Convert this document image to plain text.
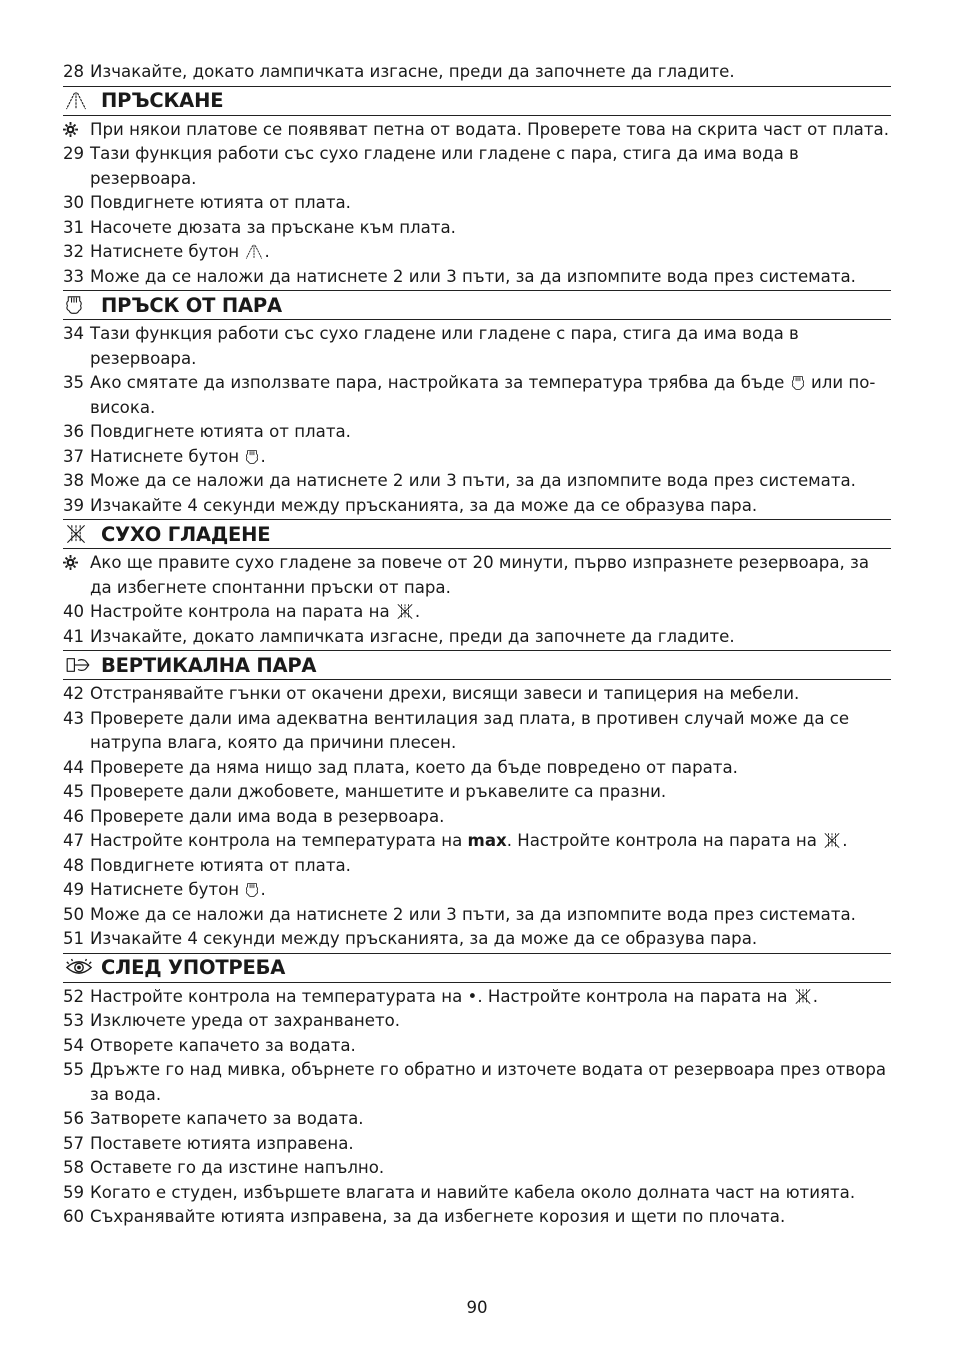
28 Изчакайте, докато лампичката изгасне, преди да започнете да гладите.
ПРЪСКАНЕ
При някои платове се появяват петна от водата. Проверете това на скрита част от плата.
29 Тази функция работи със сухо гладене или гладене с пара, стига да има вода в резервоара.
30 Повдигнете ютията от плата.
31 Насочете дюзата за пръскане към плата.
32 Натиснете бутон .
33 Може да се наложи да натиснете 2 или 3 пъти, за да изпомпите вода през системата.
ПРЪСК ОТ ПАРА
34 Тази функция работи със сухо гладене или гладене с пара, стига да има вода в резервоара.
35 Ако смятате да използвате пара, настройката за температура трябва да бъде или по-висока.
36 Повдигнете ютията от плата.
37 Натиснете бутон .
38 Може да се наложи да натиснете 2 или 3 пъти, за да изпомпите вода през системата.
39 Изчакайте 4 секунди между пръсканията, за да може да се образува пара.
СУХО ГЛАДЕНЕ
Ако ще правите сухо гладене за повече от 20 минути, първо изпразнете резервоара, за да избегнете спонтанни пръски от пара.
40 Настройте контрола на парата на .
41 Изчакайте, докато лампичката изгасне, преди да започнете да гладите.
ВЕРТИКАЛНА ПАРА
42 Отстранявайте гънки от окачени дрехи, висящи завеси и тапицерия на мебели.
43 Проверете дали има адекватна вентилация зад плата, в противен случай може да се натрупа влага, която да причини плесен.
44 Проверете да няма нищо зад плата, което да бъде повредено от парата.
45 Проверете дали джобовете, маншетите и ръкавелите са празни.
46 Проверете дали има вода в резервоара.
47 Настройте контрола на температурата на max. Настройте контрола на парата на .
48 Повдигнете ютията от плата.
49 Натиснете бутон .
50 Може да се наложи да натиснете 2 или 3 пъти, за да изпомпите вода през системата.
51 Изчакайте 4 секунди между пръсканията, за да може да се образува пара.
СЛЕД УПОТРЕБА
52 Настройте контрола на температурата на •. Настройте контрола на парата на .
53 Изключете уреда от захранването.
54 Отворете капачето за водата.
55 Дръжте го над мивка, обърнете го обратно и източете водата от резервоара през отвора за вода.
56 Затворете капачето за водата.
57 Поставете ютията изправена.
58 Оставете го да изстине напълно.
59 Когато е студен, избършете влагата и навийте кабела около долната част на ютията.
60 Съхранявайте ютията изправена, за да избегнете корозия и щети по плочата.
90
